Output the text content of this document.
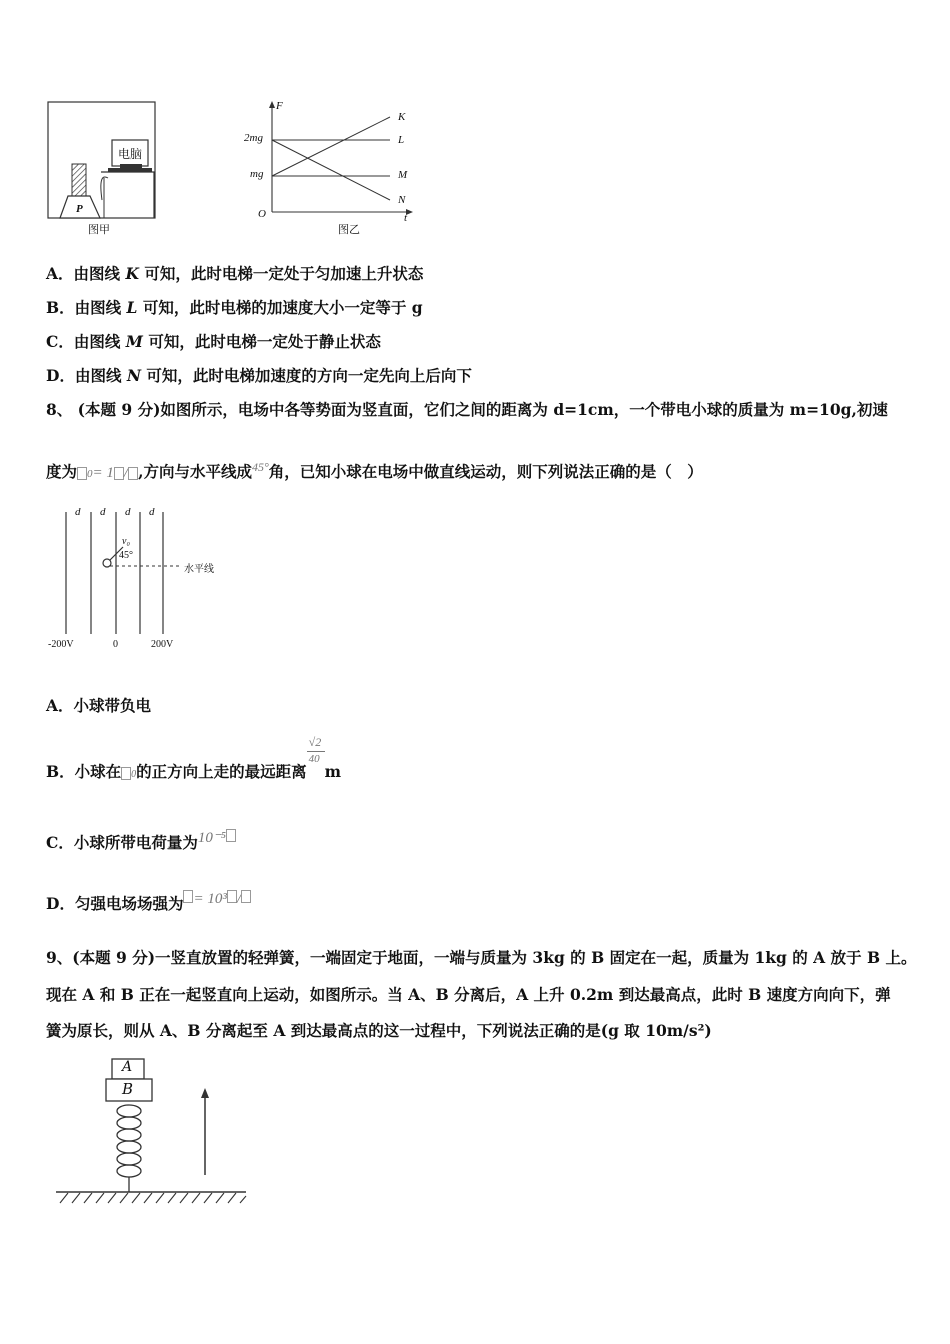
电脑
P
图甲
F
t
O
2mg
mg
K
L
M
N
图乙
A．由图线 K 可知，此时电梯一定处于匀加速上升状态
B．由图线 L 可知，此时电梯的加速度大小一定等于 g
C．由图线 M 可知，此时电梯一定处于静止状态
D．由图线 N 可知，此时电梯加速度的方向一定先向上后向下
8、 (本题 9 分)如图所示，电场中各等势面为竖直面，它们之间的距离为 d=1cm，一个带电小球的质量为 m=10g,初速
度为 0= 1 / ,方向与水平线成$^{45^\circ}$角，已知小球在电场中做直线运动，则下列说法正确的是（　）
d d d d
v₀
45°
水平线
-200V	0	200V
A．小球带负电
B．小球在 0的正方向上走的最远距离 $\frac{√2}{40}$ m
C．小球所带电荷量为10⁻⁵
D．匀强电场场强为 = 10³ /
9、(本题 9 分)一竖直放置的轻弹簧，一端固定于地面，一端与质量为 3kg 的 B 固定在一起，质量为 1kg 的 A 放于 B 上。
现在 A 和 B 正在一起竖直向上运动，如图所示。当 A、B 分离后，A 上升 0.2m 到达最高点，此时 B 速度方向向下，弹
簧为原长，则从 A、B 分离起至 A 到达最高点的这一过程中，下列说法正确的是(g 取 10m/s²)
A
B
